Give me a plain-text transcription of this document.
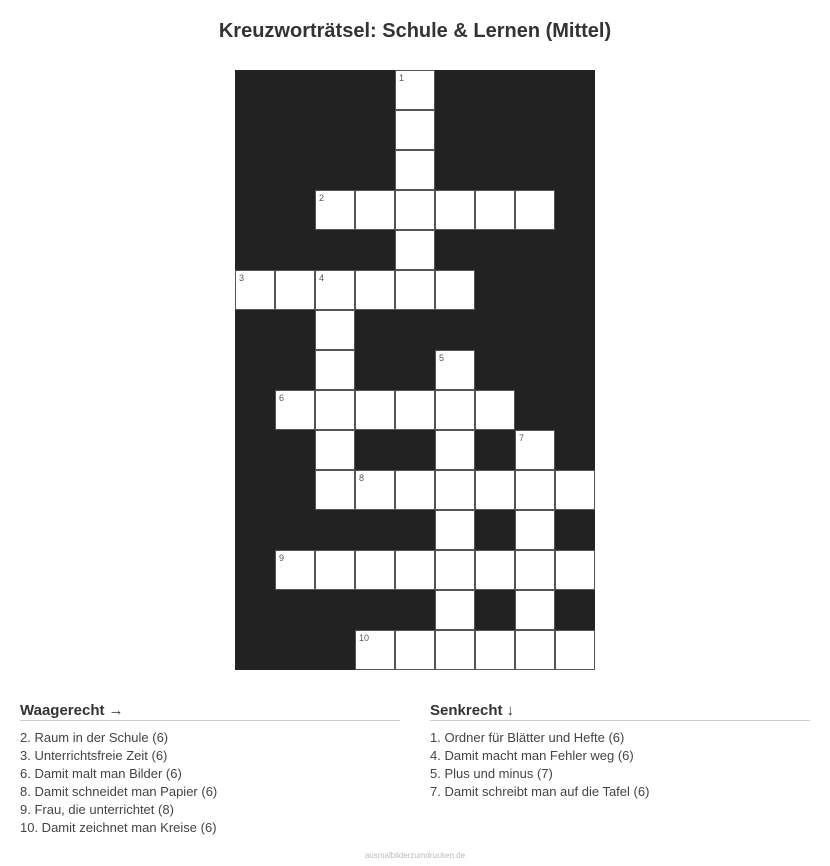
Kreuzworträtsel: Schule & Lernen (Mittel)
1
2
3	4
5
6
7
8
9
10
Waagerecht →
2. Raum in der Schule (6)
3. Unterrichtsfreie Zeit (6)
6. Damit malt man Bilder (6)
8. Damit schneidet man Papier (6)
9. Frau, die unterrichtet (8)
10. Damit zeichnet man Kreise (6)
Senkrecht ↓
1. Ordner für Blätter und Hefte (6)
4. Damit macht man Fehler weg (6)
5. Plus und minus (7)
7. Damit schreibt man auf die Tafel (6)
ausmalbilderzumdrucken.de
